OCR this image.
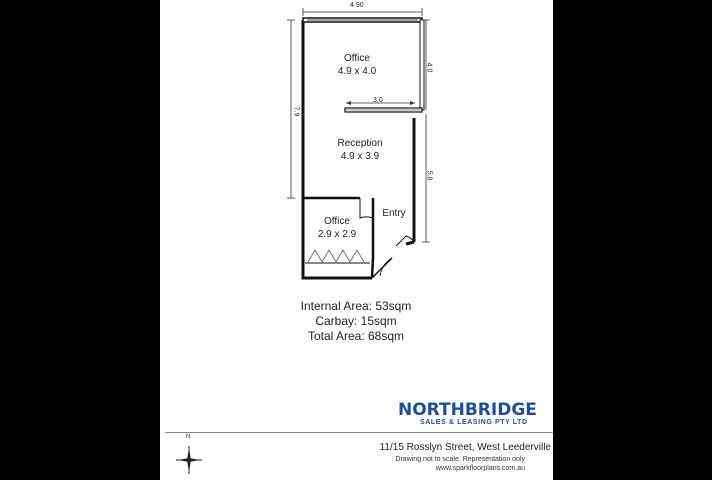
4.90
7.9
4.0
5.8
3.0
Office
4.9 x 4.0
Reception
4.9 x 3.9
Office
2.9 x 2.9
Entry
Internal Area: 53sqm
Carbay: 15sqm
Total Area: 68sqm
NORTHBRIDGE
SALES & LEASING PTY LTD
N
11/15 Rosslyn Street, West Leederville
Drawing not to scale. Representation only
www.sparkfloorplans.com.au
